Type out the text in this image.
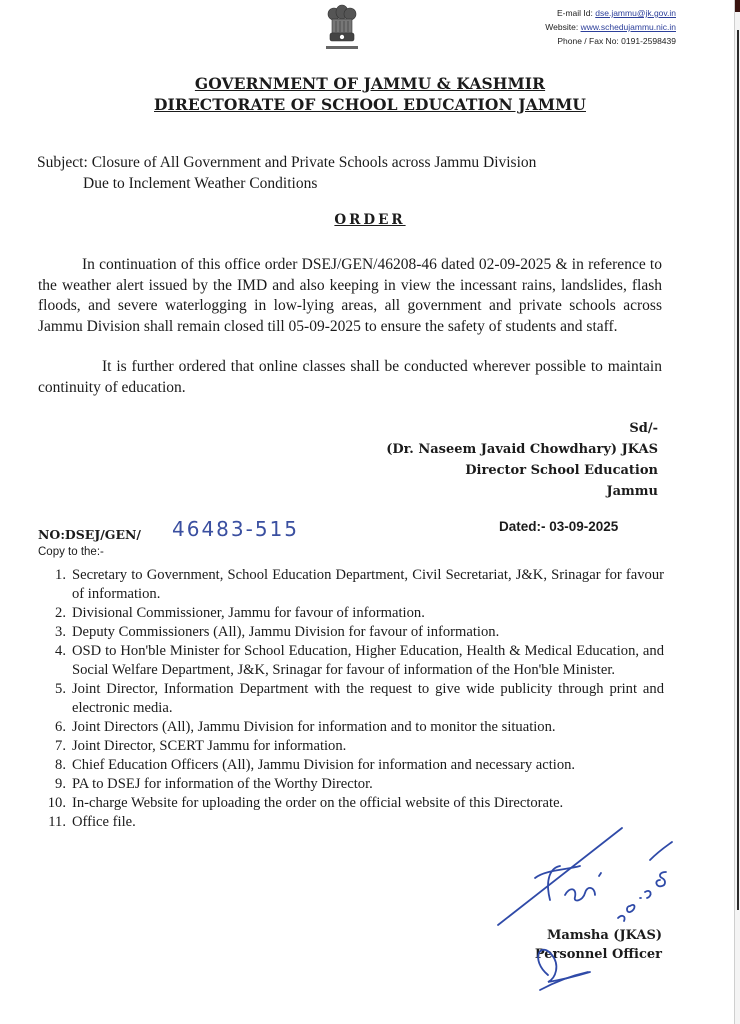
E-mail Id: dse.jammu@jk.gov.in
Website: www.schedujammu.nic.in
Phone / Fax No: 0191-2598439
GOVERNMENT OF JAMMU & KASHMIR
DIRECTORATE OF SCHOOL EDUCATION JAMMU
Subject: Closure of All Government and Private Schools across Jammu Division
Due to Inclement Weather Conditions
ORDER
In continuation of this office order DSEJ/GEN/46208-46 dated 02-09-2025 & in reference to the weather alert issued by the IMD and also keeping in view the incessant rains, landslides, flash floods, and severe waterlogging in low-lying areas, all government and private schools across Jammu Division shall remain closed till 05-09-2025 to ensure the safety of students and staff.
It is further ordered that online classes shall be conducted wherever possible to maintain continuity of education.
Sd/-
(Dr. Naseem Javaid Chowdhary) JKAS
Director School Education
Jammu
NO:DSEJ/GEN/ 46483-515	Dated:- 03-09-2025
Copy to the:-
1. Secretary to Government, School Education Department, Civil Secretariat, J&K, Srinagar for favour of information.
2. Divisional Commissioner, Jammu for favour of information.
3. Deputy Commissioners (All), Jammu Division for favour of information.
4. OSD to Hon'ble Minister for School Education, Higher Education, Health & Medical Education, and Social Welfare Department, J&K, Srinagar for favour of information of the Hon'ble Minister.
5. Joint Director, Information Department with the request to give wide publicity through print and electronic media.
6. Joint Directors (All), Jammu Division for information and to monitor the situation.
7. Joint Director, SCERT Jammu for information.
8. Chief Education Officers (All), Jammu Division for information and necessary action.
9. PA to DSEJ for information of the Worthy Director.
10. In-charge Website for uploading the order on the official website of this Directorate.
11. Office file.
Mamsha (JKAS)
Personnel Officer
